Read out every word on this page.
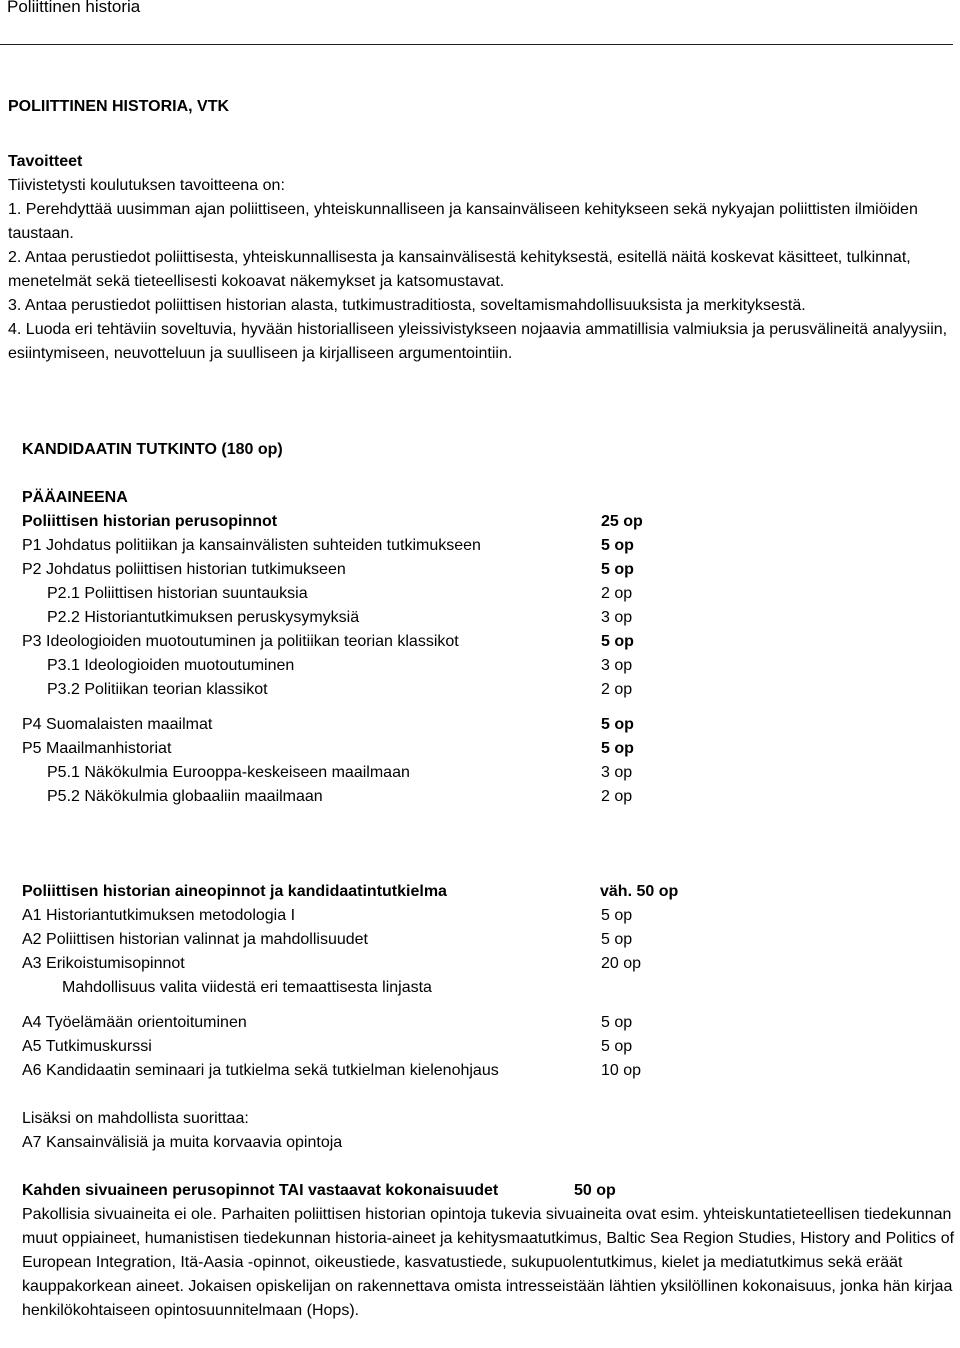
Poliittinen historia
POLIITTINEN HISTORIA, VTK
Tavoitteet
Tiivistetysti koulutuksen tavoitteena on:
1. Perehdyttää uusimman ajan poliittiseen, yhteiskunnalliseen ja kansainväliseen kehitykseen sekä nykyajan poliittisten ilmiöiden taustaan.
2. Antaa perustiedot poliittisesta, yhteiskunnallisesta ja kansainvälisestä kehityksestä, esitellä näitä koskevat käsitteet, tulkinnat, menetelmät sekä tieteellisesti kokoavat näkemykset ja katsomustavat.
3. Antaa perustiedot poliittisen historian alasta, tutkimustraditiosta, soveltamismahdollisuuksista ja merkityksestä.
4. Luoda eri tehtäviin soveltuvia, hyvään historialliseen yleissivistykseen nojaavia ammatillisia valmiuksia ja perusvälineitä analyysiin, esiintymiseen, neuvotteluun ja suulliseen ja kirjalliseen argumentointiin.
KANDIDAATIN TUTKINTO (180 op)
PÄÄAINEENA
Poliittisen historian perusopinnot	25 op
P1 Johdatus politiikan ja kansainvälisten suhteiden tutkimukseen	5 op
P2 Johdatus poliittisen historian tutkimukseen	5 op
P2.1 Poliittisen historian suuntauksia	2 op
P2.2 Historiantutkimuksen peruskysymyksiä	3 op
P3 Ideologioiden muotoutuminen ja politiikan teorian klassikot	5 op
P3.1 Ideologioiden muotoutuminen	3 op
P3.2 Politiikan teorian klassikot	2 op
P4 Suomalaisten maailmat	5 op
P5 Maailmanhistoriat	5 op
P5.1 Näkökulmia Eurooppa-keskeiseen maailmaan	3 op
P5.2 Näkökulmia globaaliin maailmaan	2 op
Poliittisen historian aineopinnot ja kandidaatintutkielma	väh. 50 op
A1 Historiantutkimuksen metodologia I	5 op
A2 Poliittisen historian valinnat ja mahdollisuudet	5 op
A3 Erikoistumisopinnot	20 op
Mahdollisuus valita viidestä eri temaattisesta linjasta
A4 Työelämään orientoituminen	5 op
A5 Tutkimuskurssi	5 op
A6 Kandidaatin seminaari ja tutkielma sekä tutkielman kielenohjaus	10 op
Lisäksi on mahdollista suorittaa:
A7 Kansainvälisiä ja muita korvaavia opintoja
Kahden sivuaineen perusopinnot TAI vastaavat kokonaisuudet	50 op
Pakollisia sivuaineita ei ole. Parhaiten poliittisen historian opintoja tukevia sivuaineita ovat esim. yhteiskuntatieteellisen tiedekunnan muut oppiaineet, humanistisen tiedekunnan historia-aineet ja kehitysmaatutkimus, Baltic Sea Region Studies, History and Politics of European Integration, Itä-Aasia -opinnot, oikeustiede, kasvatustiede, sukupuolentutkimus, kielet ja mediatutkimus sekä eräät kauppakorkean aineet. Jokaisen opiskelijan on rakennettava omista intresseistään lähtien yksilöllinen kokonaisuus, jonka hän kirjaa henkilökohtaiseen opintosuunnitelmaan (Hops).
